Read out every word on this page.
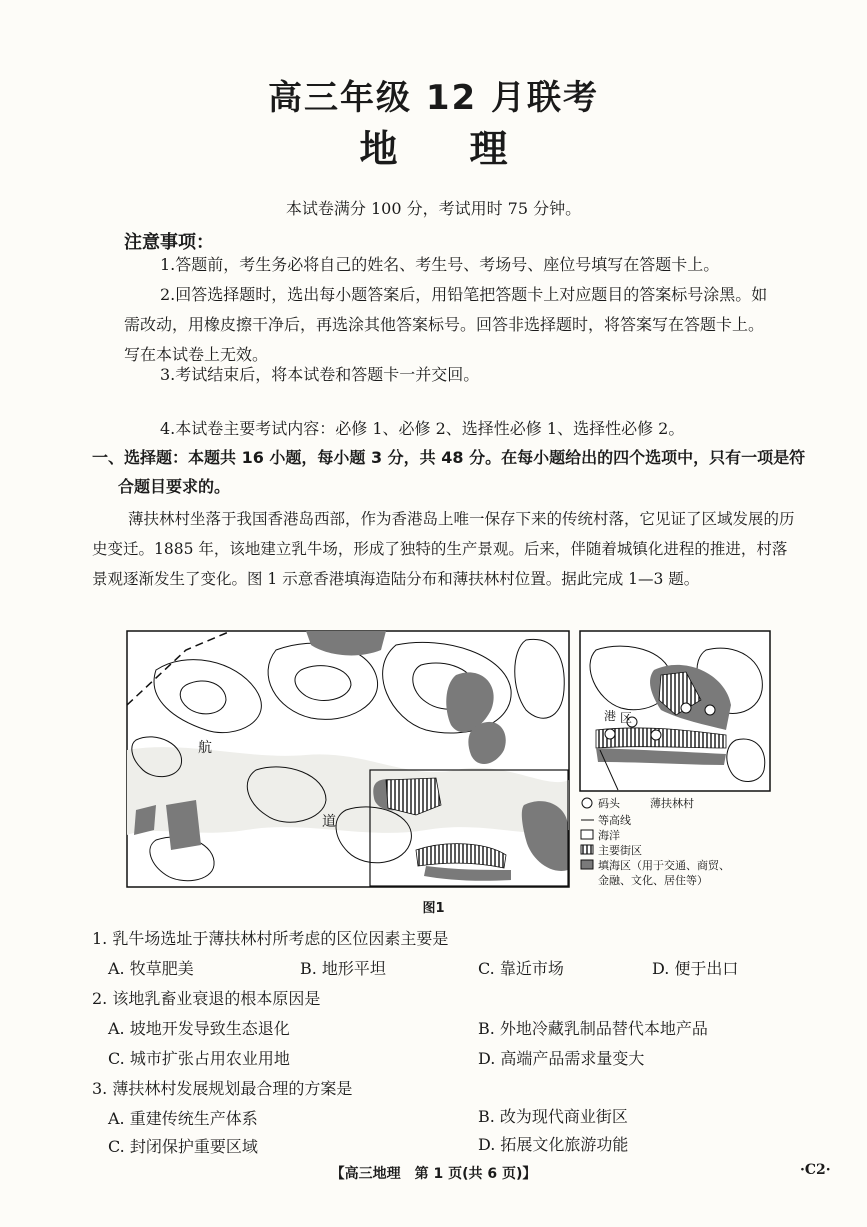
高三年级 12 月联考
地理
本试卷满分 100 分，考试用时 75 分钟。
注意事项：
1.答题前，考生务必将自己的姓名、考生号、考场号、座位号填写在答题卡上。
2.回答选择题时，选出每小题答案后，用铅笔把答题卡上对应题目的答案标号涂黑。如需改动，用橡皮擦干净后，再选涂其他答案标号。回答非选择题时，将答案写在答题卡上。写在本试卷上无效。
3.考试结束后，将本试卷和答题卡一并交回。
4.本试卷主要考试内容：必修 1、必修 2、选择性必修 1、选择性必修 2。
一、选择题：本题共 16 小题，每小题 3 分，共 48 分。在每小题给出的四个选项中，只有一项是符
合题目要求的。
薄扶林村坐落于我国香港岛西部，作为香港岛上唯一保存下来的传统村落，它见证了区域发展的历史变迁。1885 年，该地建立乳牛场，形成了独特的生产景观。后来，伴随着城镇化进程的推进，村落景观逐渐发生了变化。图 1 示意香港填海造陆分布和薄扶林村位置。据此完成 1—3 题。
航
道
港 区
码头	薄扶林村
等高线
海洋
主要街区
填海区（用于交通、商贸、
金融、文化、居住等）
图1
1. 乳牛场选址于薄扶林村所考虑的区位因素主要是
A. 牧草肥美	B. 地形平坦	C. 靠近市场	D. 便于出口
2. 该地乳畜业衰退的根本原因是
A. 坡地开发导致生态退化	B. 外地冷藏乳制品替代本地产品
C. 城市扩张占用农业用地	D. 高端产品需求量变大
3. 薄扶林村发展规划最合理的方案是
A. 重建传统生产体系	B. 改为现代商业街区
C. 封闭保护重要区域	D. 拓展文化旅游功能
【高三地理　第 1 页(共 6 页)】	·C2·
